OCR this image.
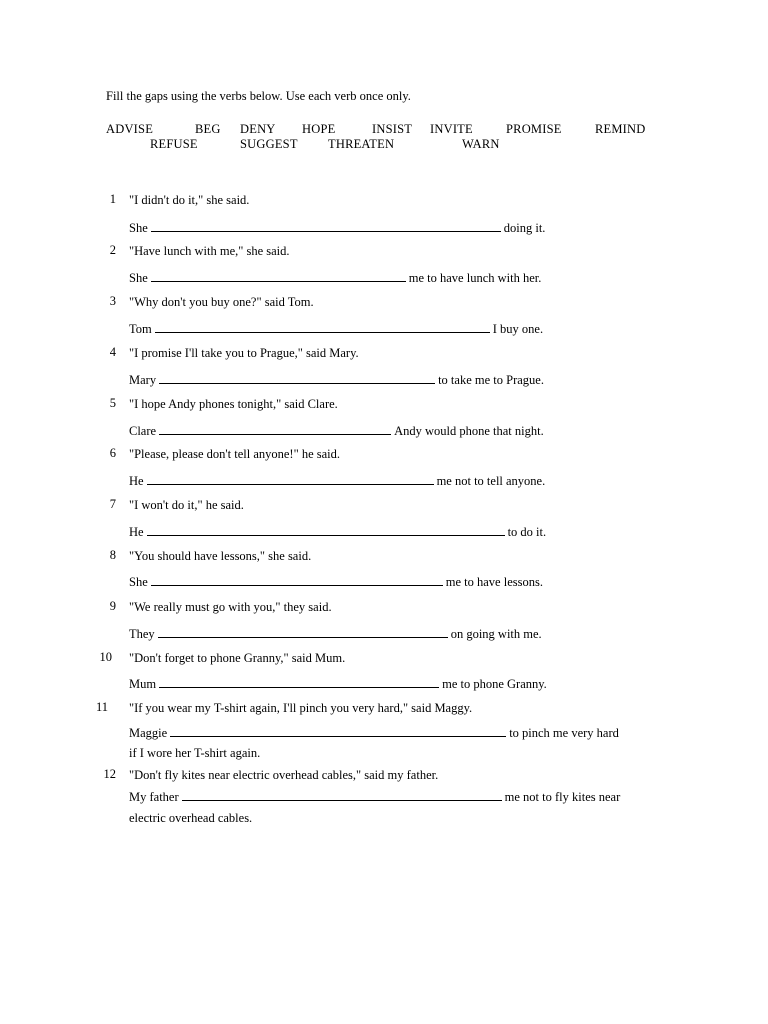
Fill the gaps using the verbs below. Use each verb once only.
ADVISE	BEG DENY HOPE	INSIST INVITE	PROMISE	REMIND
REFUSE	SUGGEST THREATEN	WARN
1 "I didn't do it," she said.
She	doing it.
2 "Have lunch with me," she said.
She	me to have lunch with her.
3 "Why don't you buy one?" said Tom.
Tom	I buy one.
4 "I promise I'll take you to Prague," said Mary.
Mary	to take me to Prague.
5 "I hope Andy phones tonight," said Clare.
Clare	Andy would phone that night.
6 "Please, please don't tell anyone!" he said.
He	me not to tell anyone.
7 "I won't do it," he said.
He	to do it.
8 "You should have lessons," she said.
She	me to have lessons.
9 "We really must go with you," they said.
They	on going with me.
10 "Don't forget to phone Granny," said Mum.
Mum	me to phone Granny.
11 "If you wear my T-shirt again, I'll pinch you very hard," said Maggy.
Maggie	to pinch me very hard
if I wore her T-shirt again.
12 "Don't fly kites near electric overhead cables," said my father.
My father	me not to fly kites near
electric overhead cables.
